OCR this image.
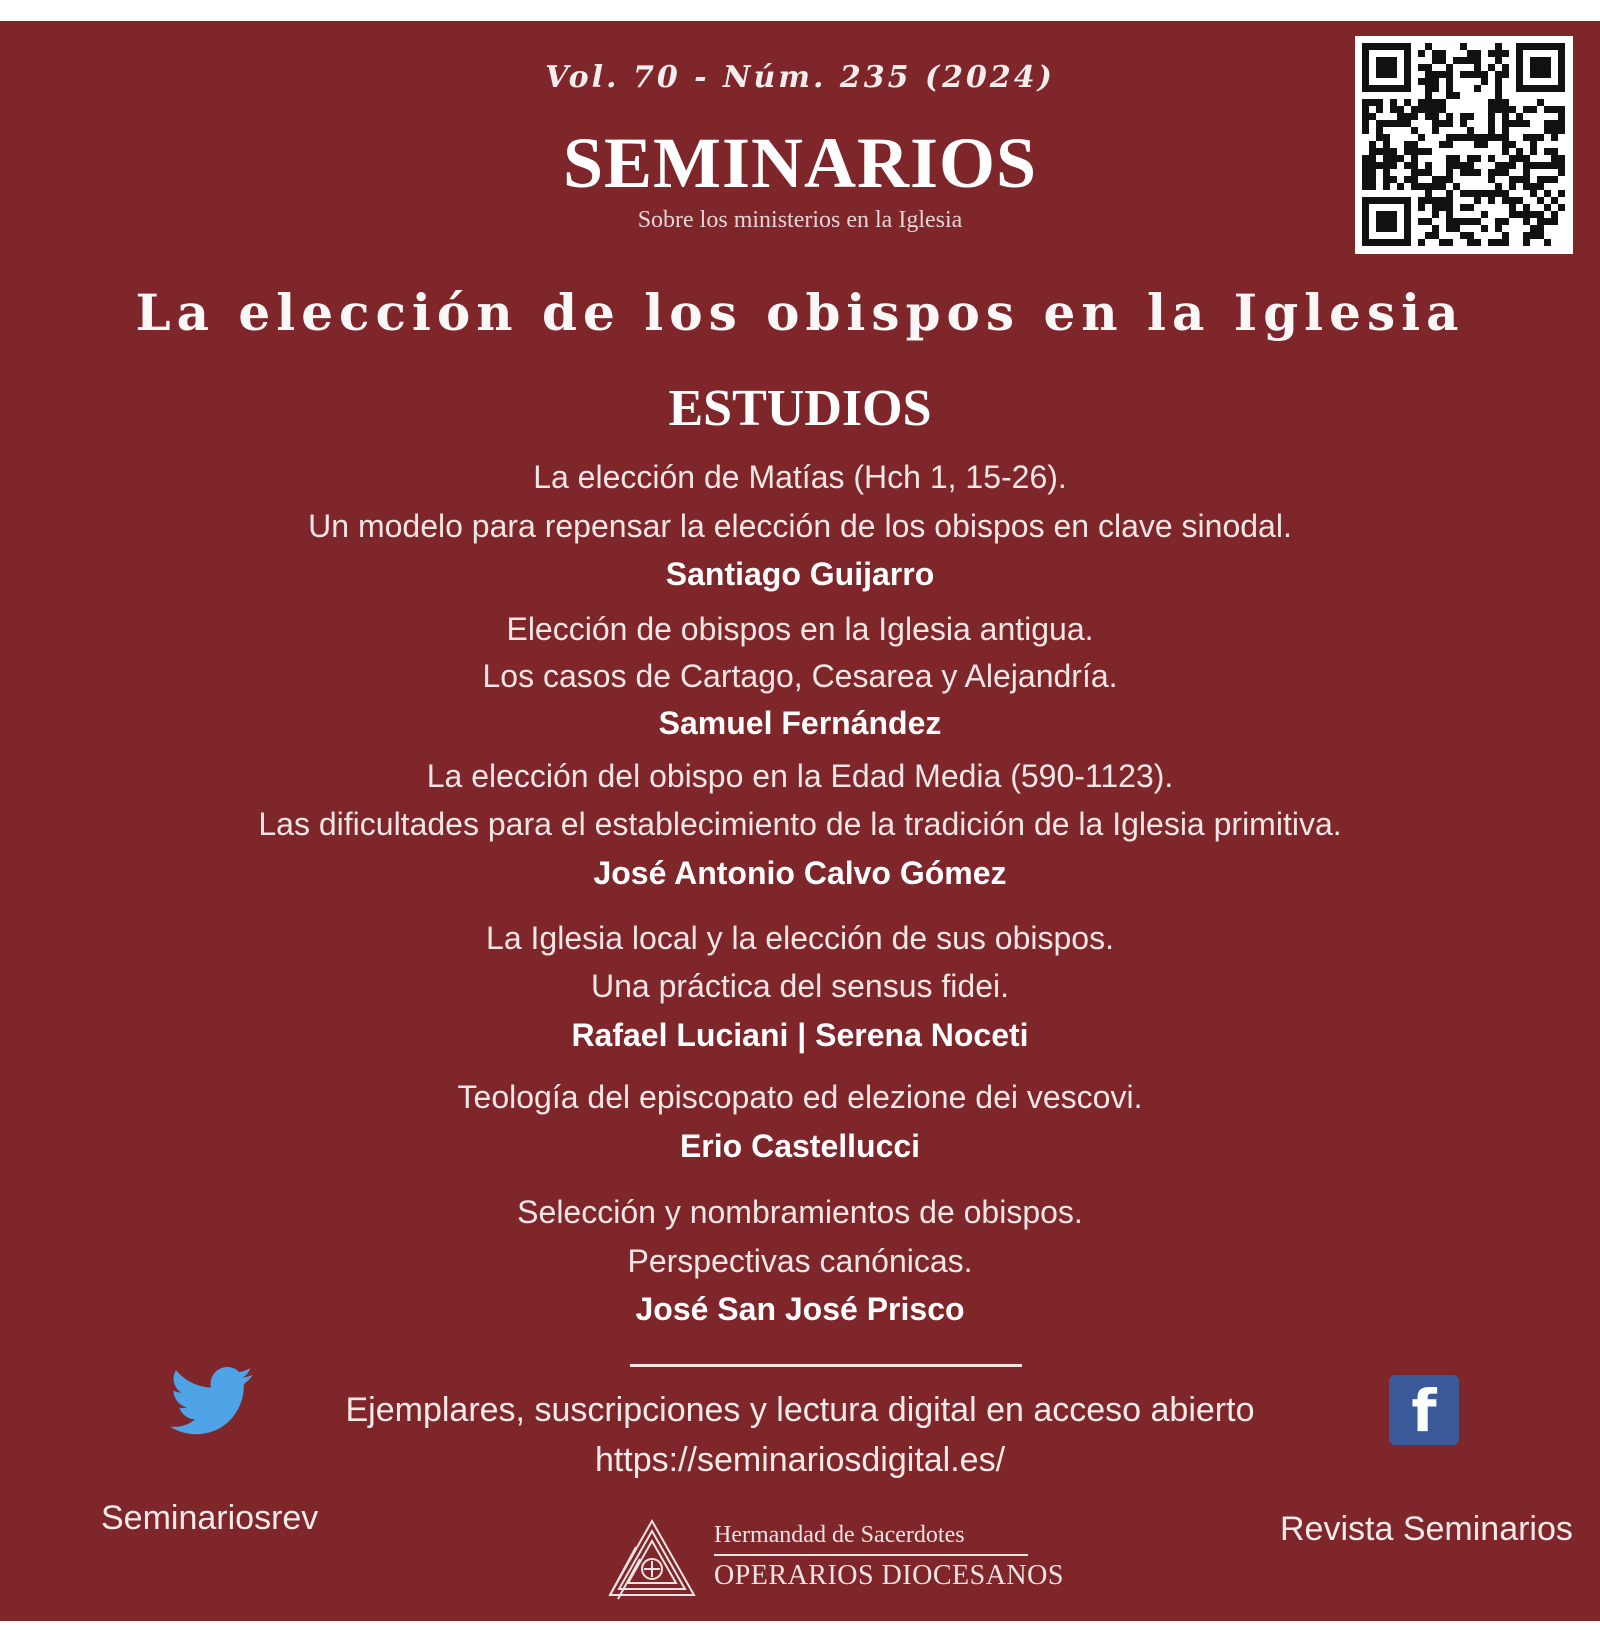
Vol. 70 - Núm. 235 (2024)
SEMINARIOS
Sobre los ministerios en la Iglesia
La elección de los obispos en la Iglesia
ESTUDIOS
La elección de Matías (Hch 1, 15-26).
Un modelo para repensar la elección de los obispos en clave sinodal.
Santiago Guijarro
Elección de obispos en la Iglesia antigua.
Los casos de Cartago, Cesarea y Alejandría.
Samuel Fernández
La elección del obispo en la Edad Media (590-1123).
Las dificultades para el establecimiento de la tradición de la Iglesia primitiva.
José Antonio Calvo Gómez
La Iglesia local y la elección de sus obispos.
Una práctica del sensus fidei.
Rafael Luciani | Serena Noceti
Teología del episcopato ed elezione dei vescovi.
Erio Castellucci
Selección y nombramientos de obispos.
Perspectivas canónicas.
José San José Prisco
Ejemplares, suscripciones y lectura digital en acceso abierto
https://seminariosdigital.es/
Seminariosrev
f
Revista Seminarios
Hermandad de Sacerdotes
OPERARIOS DIOCESANOS
